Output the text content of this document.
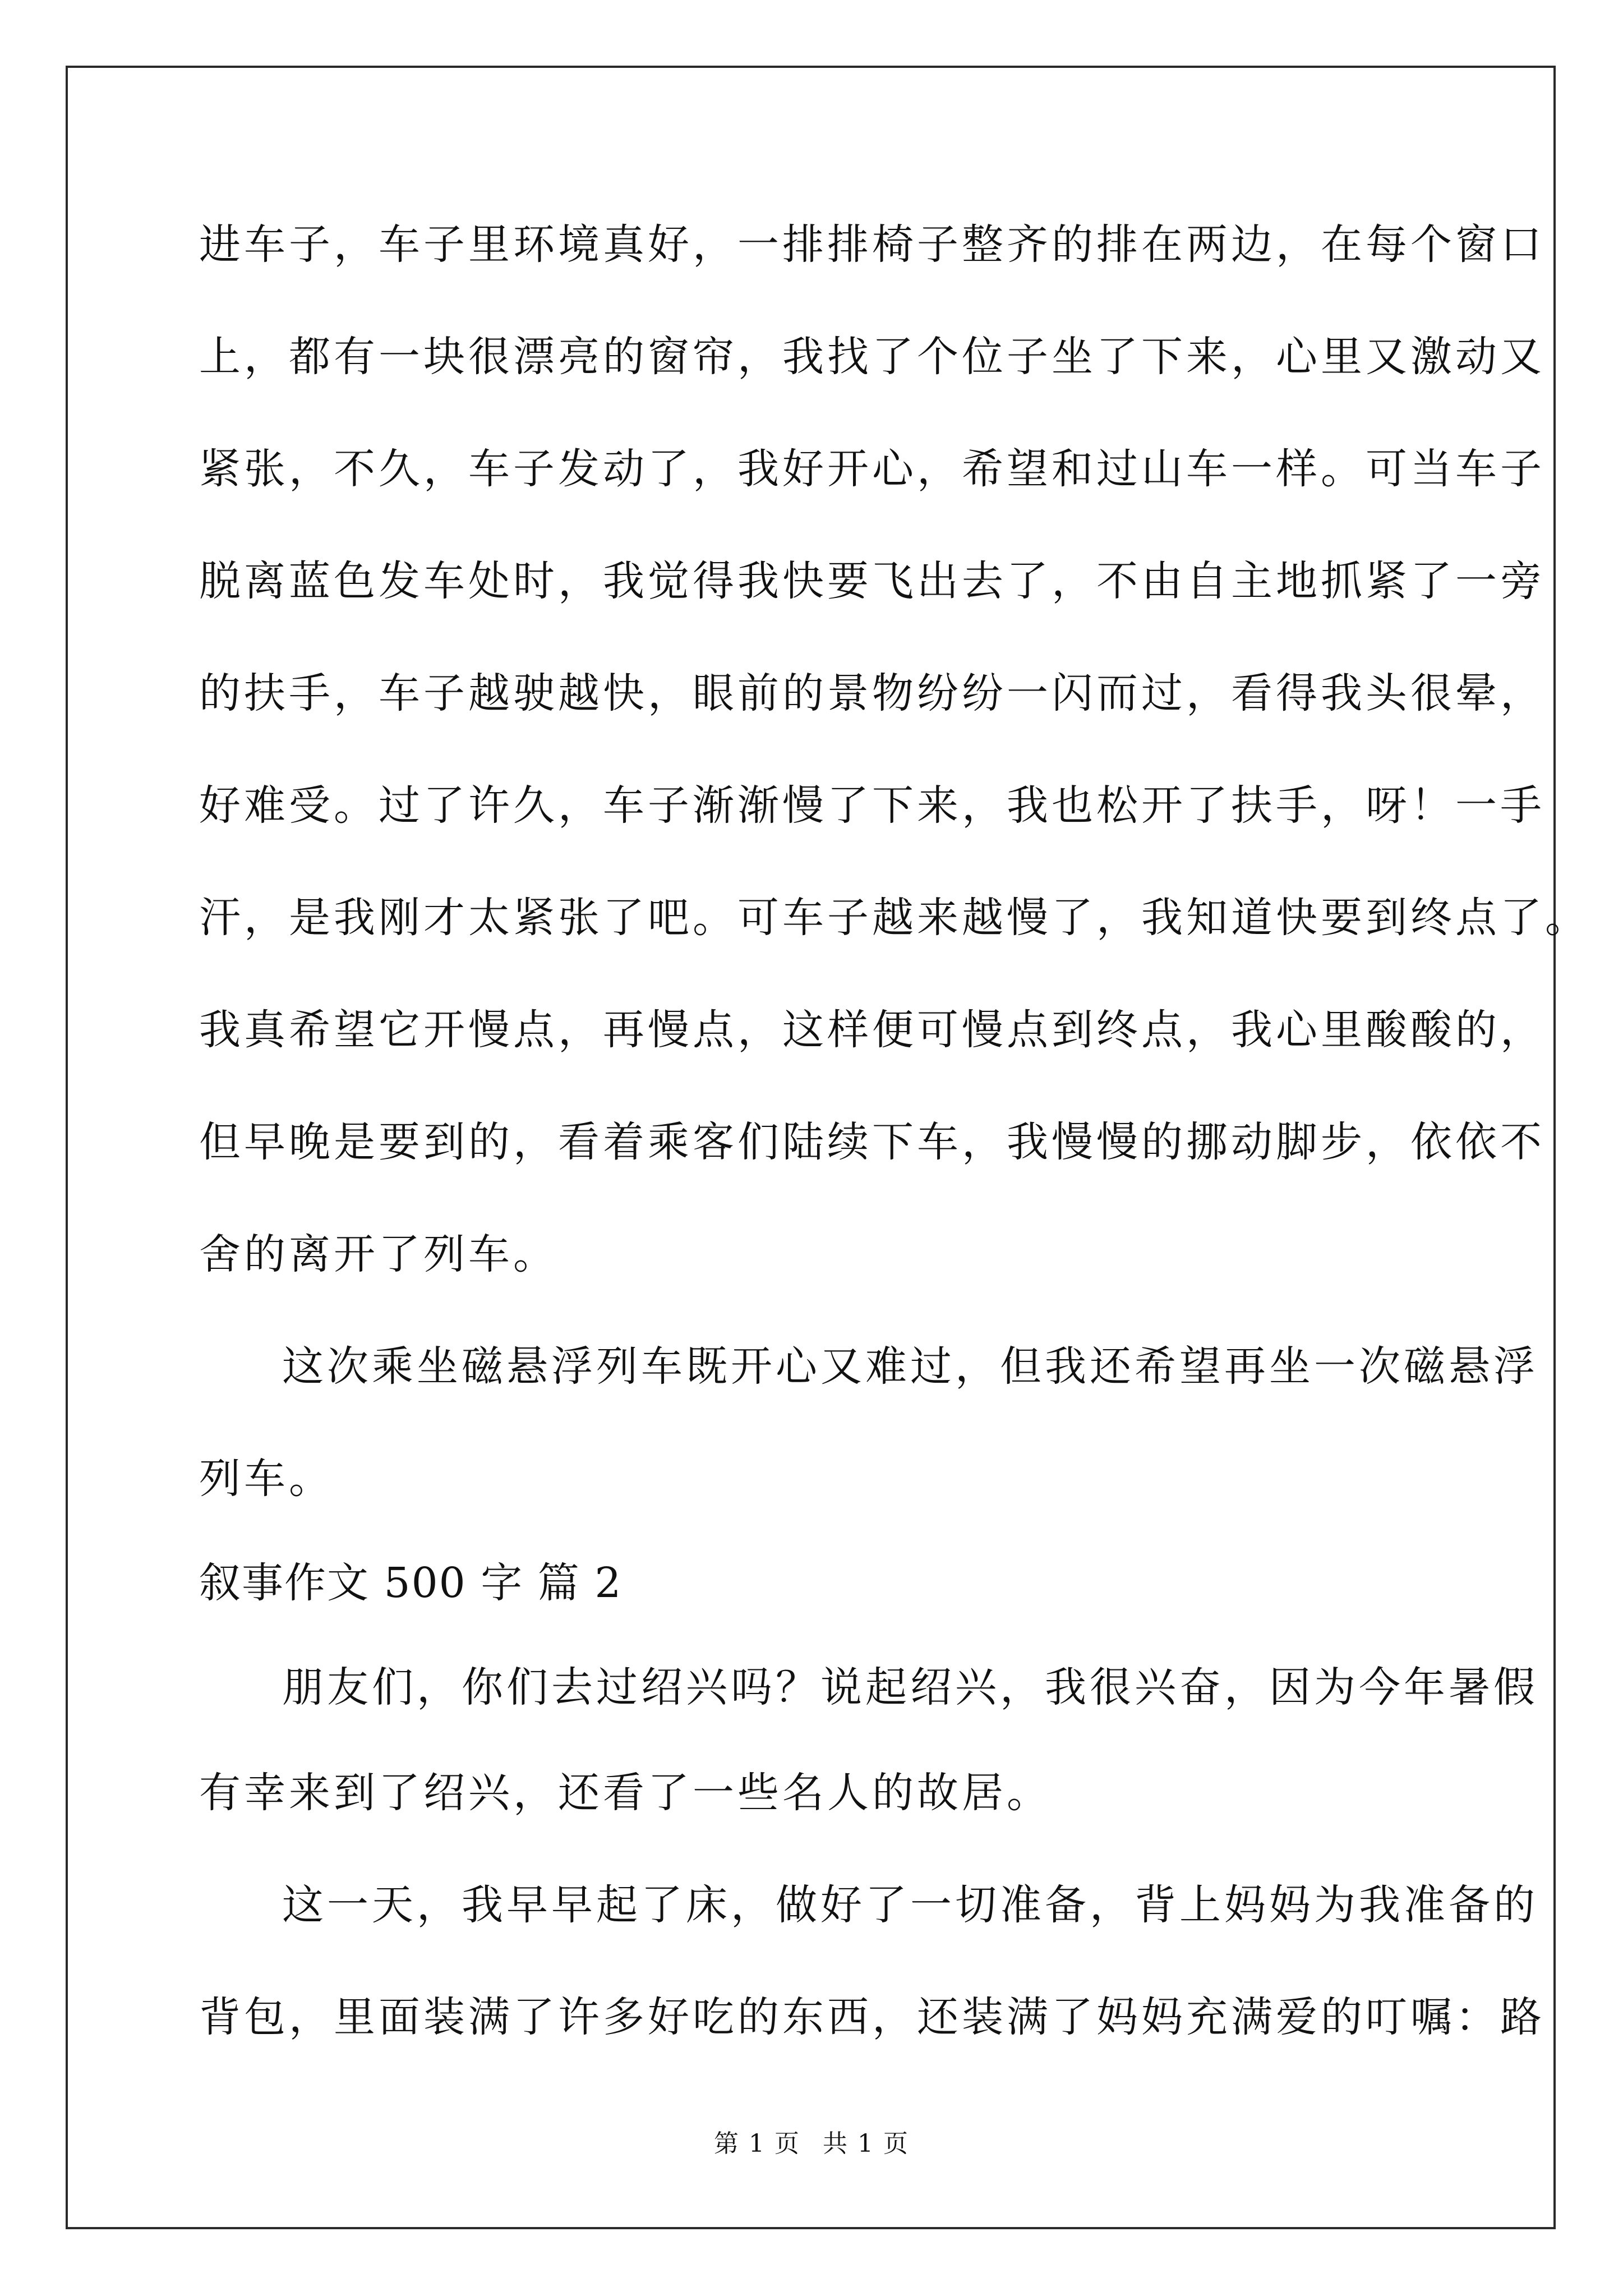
进车子，车子里环境真好，一排排椅子整齐的排在两边，在每个窗口
上，都有一块很漂亮的窗帘，我找了个位子坐了下来，心里又激动又
紧张，不久，车子发动了，我好开心，希望和过山车一样。可当车子
脱离蓝色发车处时，我觉得我快要飞出去了，不由自主地抓紧了一旁
的扶手，车子越驶越快，眼前的景物纷纷一闪而过，看得我头很晕，
好难受。过了许久，车子渐渐慢了下来，我也松开了扶手，呀！一手
汗，是我刚才太紧张了吧。可车子越来越慢了，我知道快要到终点了。
我真希望它开慢点，再慢点，这样便可慢点到终点，我心里酸酸的，
但早晚是要到的，看着乘客们陆续下车，我慢慢的挪动脚步，依依不
舍的离开了列车。
这次乘坐磁悬浮列车既开心又难过，但我还希望再坐一次磁悬浮
列车。
叙事作文 500 字 篇 2
朋友们，你们去过绍兴吗？说起绍兴，我很兴奋，因为今年暑假
有幸来到了绍兴，还看了一些名人的故居。
这一天，我早早起了床，做好了一切准备，背上妈妈为我准备的
背包，里面装满了许多好吃的东西，还装满了妈妈充满爱的叮嘱：路
第 1 页 共 1 页
